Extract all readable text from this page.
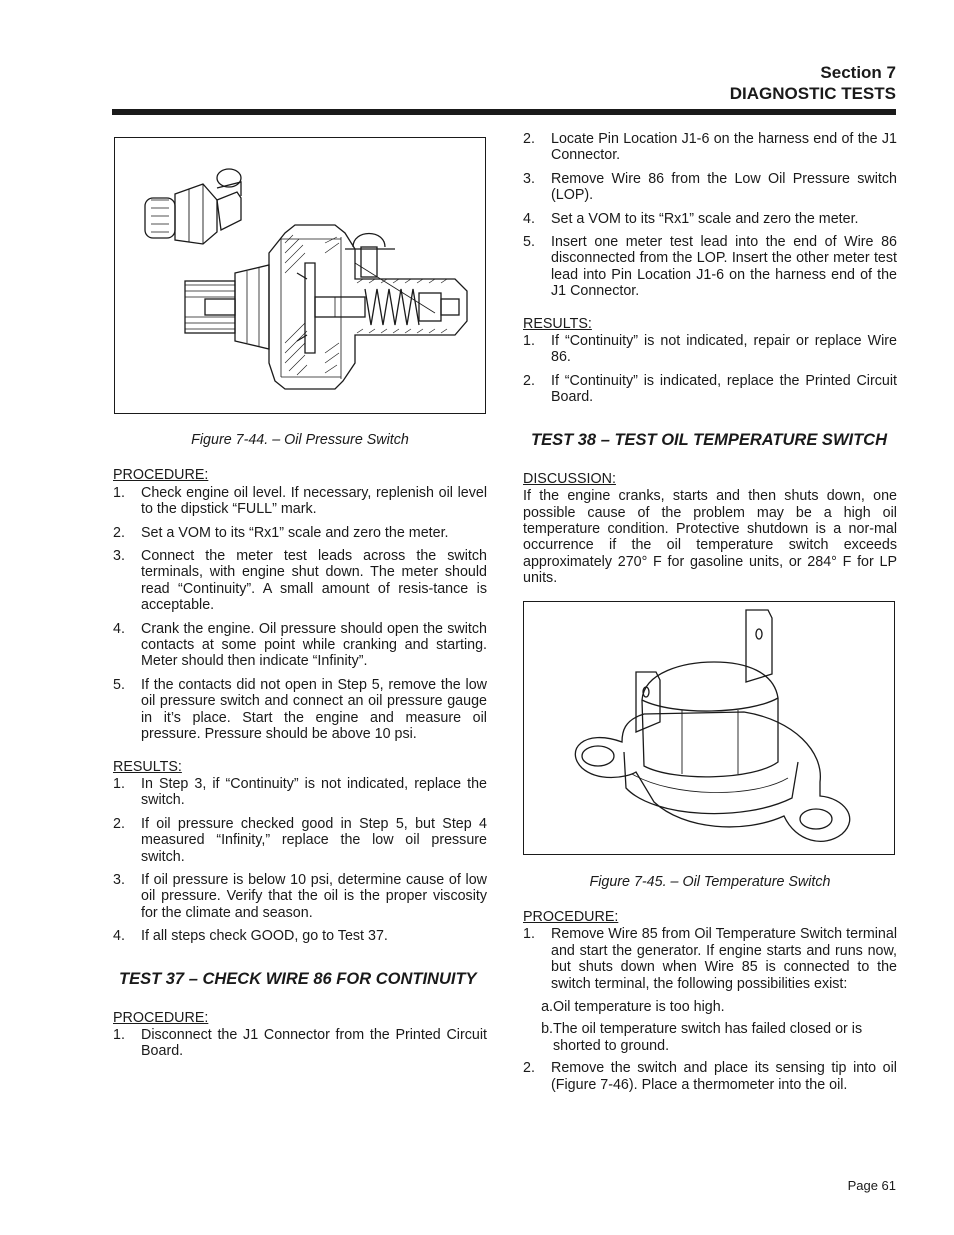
Section 7
DIAGNOSTIC TESTS
Figure 7-44. – Oil Pressure Switch
PROCEDURE:
1.	Check engine oil level. If necessary, replenish oil level to the dipstick “FULL” mark.
2.	Set a VOM to its “Rx1” scale and zero the meter.
3.	Connect the meter test leads across the switch terminals, with engine shut down. The meter should read “Continuity”. A small amount of resis-tance is acceptable.
4.	Crank the engine. Oil pressure should open the switch contacts at some point while cranking and starting. Meter should then indicate “Infinity”.
5.	If the contacts did not open in Step 5, remove the low oil pressure switch and connect an oil pressure gauge in it’s place. Start the engine and measure oil pressure. Pressure should be above 10 psi.
RESULTS:
1.	In Step 3, if “Continuity” is not indicated, replace the switch.
2.	If oil pressure checked good in Step 5, but Step 4 measured “Infinity,” replace the low oil pressure switch.
3.	If oil pressure is below 10 psi, determine cause of low oil pressure. Verify that the oil is the proper viscosity for the climate and season.
4.	If all steps check GOOD, go to Test 37.
TEST 37 – CHECK WIRE 86 FOR CONTINUITY
PROCEDURE:
1.	Disconnect the J1 Connector from the Printed Circuit Board.
2.	Locate Pin Location J1-6 on the harness end of the J1 Connector.
3.	Remove Wire 86 from the Low Oil Pressure switch (LOP).
4.	Set a VOM to its “Rx1” scale and zero the meter.
5.	Insert one meter test lead into the end of Wire 86 disconnected from the LOP. Insert the other meter test lead into Pin Location J1-6 on the harness end of the J1 Connector.
RESULTS:
1.	If “Continuity” is not indicated, repair or replace Wire 86.
2.	If “Continuity” is indicated, replace the Printed Circuit Board.
TEST 38 – TEST OIL TEMPERATURE SWITCH
DISCUSSION:

If the engine cranks, starts and then shuts down, one possible cause of the problem may be a high oil temperature condition. Protective shutdown is a nor-mal occurrence if the oil temperature switch exceeds approximately 270° F for gasoline units, or 284° F for LP units.

Figure 7-45. – Oil Temperature Switch
PROCEDURE:
1.	Remove Wire 85 from Oil Temperature Switch terminal and start the generator. If engine starts and runs now, but shuts down when Wire 85 is connected to the switch terminal, the following possibilities exist:
a. Oil temperature is too high.
b. The oil temperature switch has failed closed or is shorted to ground.
2.	Remove the switch and place its sensing tip into oil (Figure 7-46). Place a thermometer into the oil.
Page 61
